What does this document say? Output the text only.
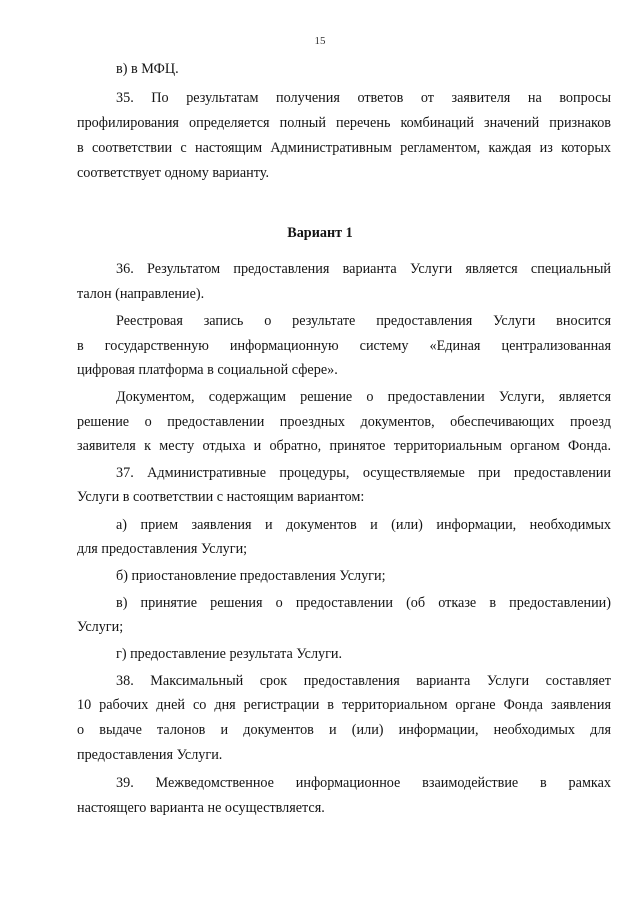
15
в) в МФЦ.
35. По результатам получения ответов от заявителя на вопросы
профилирования определяется полный перечень комбинаций значений признаков
в соответствии с настоящим Административным регламентом, каждая из которых
соответствует одному варианту.
Вариант 1
36. Результатом предоставления варианта Услуги является специальный
талон (направление).
Реестровая запись о результате предоставления Услуги вносится
в государственную информационную систему «Единая централизованная
цифровая платформа в социальной сфере».
Документом, содержащим решение о предоставлении Услуги, является
решение о предоставлении проездных документов, обеспечивающих проезд
заявителя к месту отдыха и обратно, принятое территориальным органом Фонда.
37. Административные процедуры, осуществляемые при предоставлении
Услуги в соответствии с настоящим вариантом:
а) прием заявления и документов и (или) информации, необходимых
для предоставления Услуги;
б) приостановление предоставления Услуги;
в) принятие решения о предоставлении (об отказе в предоставлении)
Услуги;
г) предоставление результата Услуги.
38. Максимальный срок предоставления варианта Услуги составляет
10 рабочих дней со дня регистрации в территориальном органе Фонда заявления
о выдаче талонов и документов и (или) информации, необходимых для
предоставления Услуги.
39. Межведомственное информационное взаимодействие в рамках
настоящего варианта не осуществляется.
